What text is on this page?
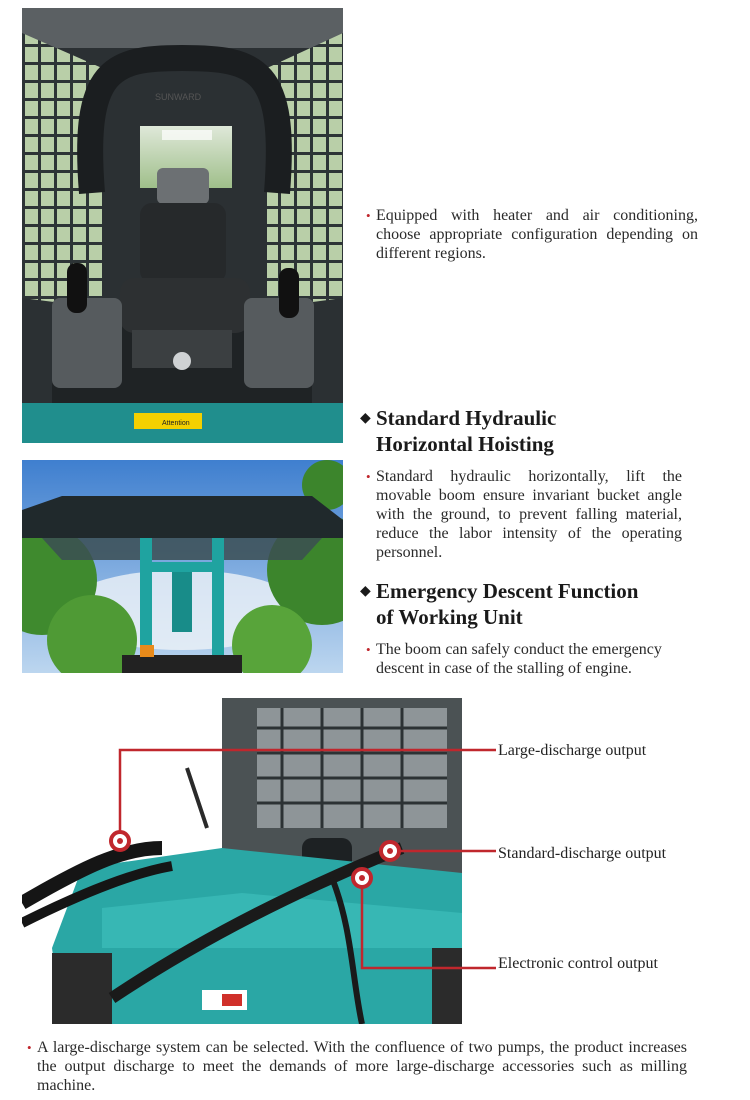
SUNWARD
Attention
• Equipped with heater and air conditioning, choose appropriate configuration depending on different regions.
◆ Standard Hydraulic
Horizontal Hoisting
• Standard hydraulic horizontally, lift the movable boom ensure invariant bucket angle with the ground, to prevent falling material, reduce the labor intensity of the operating personnel.
◆ Emergency Descent Function
of Working Unit
• The boom can safely conduct the emergency descent in case of the stalling of engine.
Large-discharge output
Standard-discharge output
Electronic control output
• A large-discharge system can be selected. With the confluence of two pumps, the product increases the output discharge to meet the demands of more large-discharge accessories such as milling machine.
